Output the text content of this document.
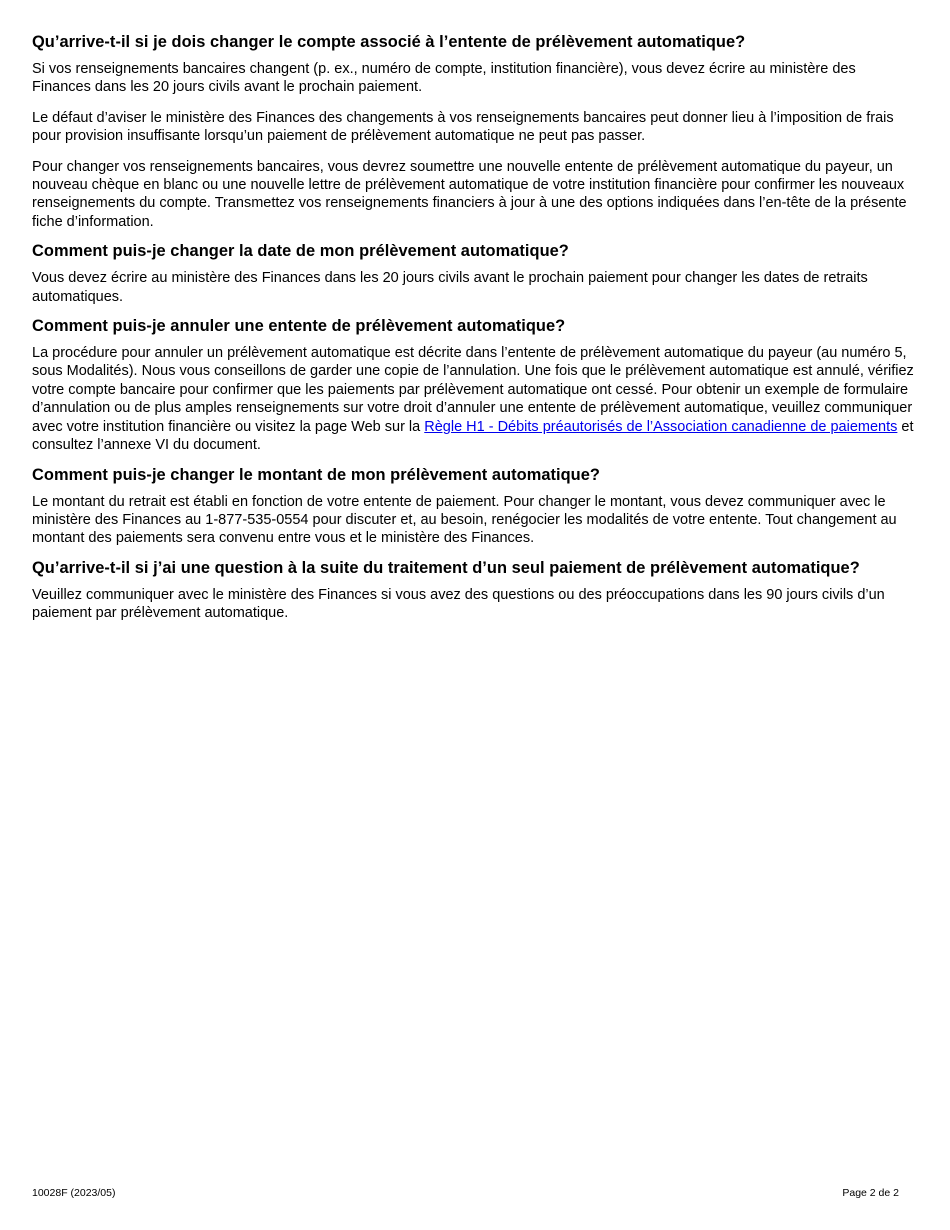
Qu’arrive-t-il si je dois changer le compte associé à l’entente de prélèvement automatique?

Si vos renseignements bancaires changent (p. ex., numéro de compte, institution financière), vous devez écrire au ministère des Finances dans les 20 jours civils avant le prochain paiement.

Le défaut d’aviser le ministère des Finances des changements à vos renseignements bancaires peut donner lieu à l’imposition de frais pour provision insuffisante lorsqu’un paiement de prélèvement automatique ne peut pas passer.

Pour changer vos renseignements bancaires, vous devrez soumettre une nouvelle entente de prélèvement automatique du payeur, un nouveau chèque en blanc ou une nouvelle lettre de prélèvement automatique de votre institution financière pour confirmer les nouveaux renseignements du compte. Transmettez vos renseignements financiers à jour à une des options indiquées dans l’en-tête de la présente fiche d’information.

Comment puis-je changer la date de mon prélèvement automatique?

Vous devez écrire au ministère des Finances dans les 20 jours civils avant le prochain paiement pour changer les dates de retraits automatiques.

Comment puis-je annuler une entente de prélèvement automatique?

La procédure pour annuler un prélèvement automatique est décrite dans l’entente de prélèvement automatique du payeur (au numéro 5, sous Modalités). Nous vous conseillons de garder une copie de l’annulation. Une fois que le prélèvement automatique est annulé, vérifiez votre compte bancaire pour confirmer que les paiements par prélèvement automatique ont cessé. Pour obtenir un exemple de formulaire d’annulation ou de plus amples renseignements sur votre droit d’annuler une entente de prélèvement automatique, veuillez communiquer avec votre institution financière ou visitez la page Web sur la Règle H1 - Débits préautorisés de l’Association canadienne de paiements et consultez l’annexe VI du document.

Comment puis-je changer le montant de mon prélèvement automatique?

Le montant du retrait est établi en fonction de votre entente de paiement. Pour changer le montant, vous devez communiquer avec le ministère des Finances au 1-877-535-0554 pour discuter et, au besoin, renégocier les modalités de votre entente. Tout changement au montant des paiements sera convenu entre vous et le ministère des Finances.

Qu’arrive-t-il si j’ai une question à la suite du traitement d’un seul paiement de prélèvement automatique?

Veuillez communiquer avec le ministère des Finances si vous avez des questions ou des préoccupations dans les 90 jours civils d’un paiement par prélèvement automatique.

10028F (2023/05)	Page 2 de 2
